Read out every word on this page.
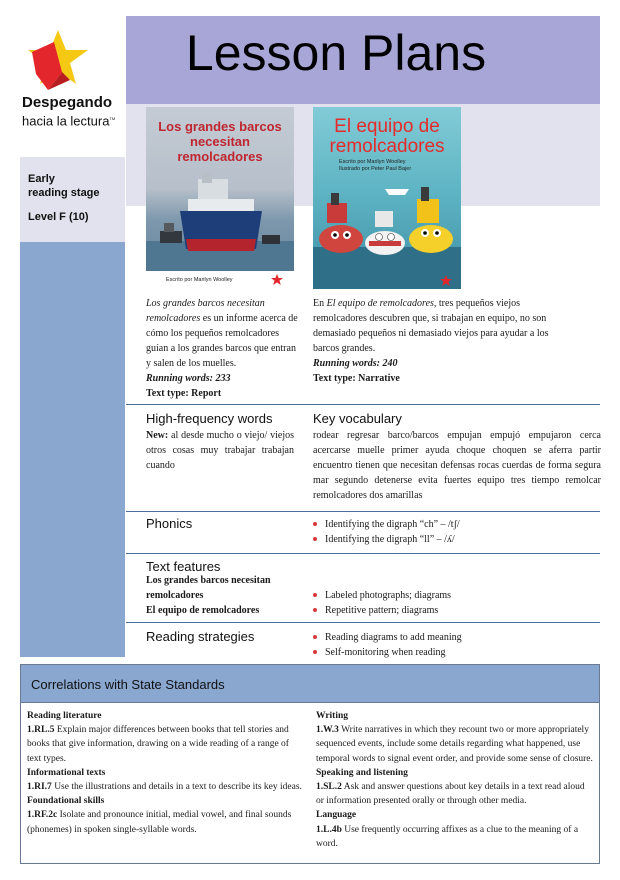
Lesson Plans
Despegando
hacia la lectura™
Early
reading stage
Level F (10)
Los grandes barcos necesitan remolcadores
Escrito por Marilyn Woolley
El equipo de remolcadores
Escrito por Marilyn Woolley
Ilustrado por Peter Paul Bajer
Los grandes barcos necesitan remolcadores es un informe acerca de cómo los pequeños remolcadores guían a los grandes barcos que entran y salen de los muelles.
Running words: 233
Text type: Report
En El equipo de remolcadores, tres pequeños viejos remolcadores descubren que, si trabajan en equipo, no son demasiado pequeños ni demasiado viejos para ayudar a los barcos grandes.
Running words: 240
Text type: Narrative
High-frequency words
New: al desde mucho o viejo/ viejos otros cosas muy trabajar trabajan cuando
Key vocabulary
rodear regresar barco/barcos empujan empujó empujaron cerca acercarse muelle primer ayuda choque choquen se aferra partir encuentro tienen que necesitan defensas rocas cuerdas de forma segura mar segundo detenerse evita fuertes equipo tres tiempo remolcar remolcadores dos amarillas
Phonics	Identifying the digraph “ch” – /tʃ/
Identifying the digraph “ll” – /ʎ/
Text features
Los grandes barcos necesitan remolcadores
El equipo de remolcadores
Labeled photographs; diagrams
Repetitive pattern; diagrams
Reading strategies	Reading diagrams to add meaning
Self-monitoring when reading
Correlations with State Standards
Reading literature
1.RL.5 Explain major differences between books that tell stories and books that give information, drawing on a wide reading of a range of text types.
Informational texts
1.RI.7 Use the illustrations and details in a text to describe its key ideas.
Foundational skills
1.RF.2c Isolate and pronounce initial, medial vowel, and final sounds (phonemes) in spoken single-syllable words.
Writing
1.W.3 Write narratives in which they recount two or more appropriately sequenced events, include some details regarding what happened, use temporal words to signal event order, and provide some sense of closure.
Speaking and listening
1.SL.2 Ask and answer questions about key details in a text read aloud or information presented orally or through other media.
Language
1.L.4b Use frequently occurring affixes as a clue to the meaning of a word.
